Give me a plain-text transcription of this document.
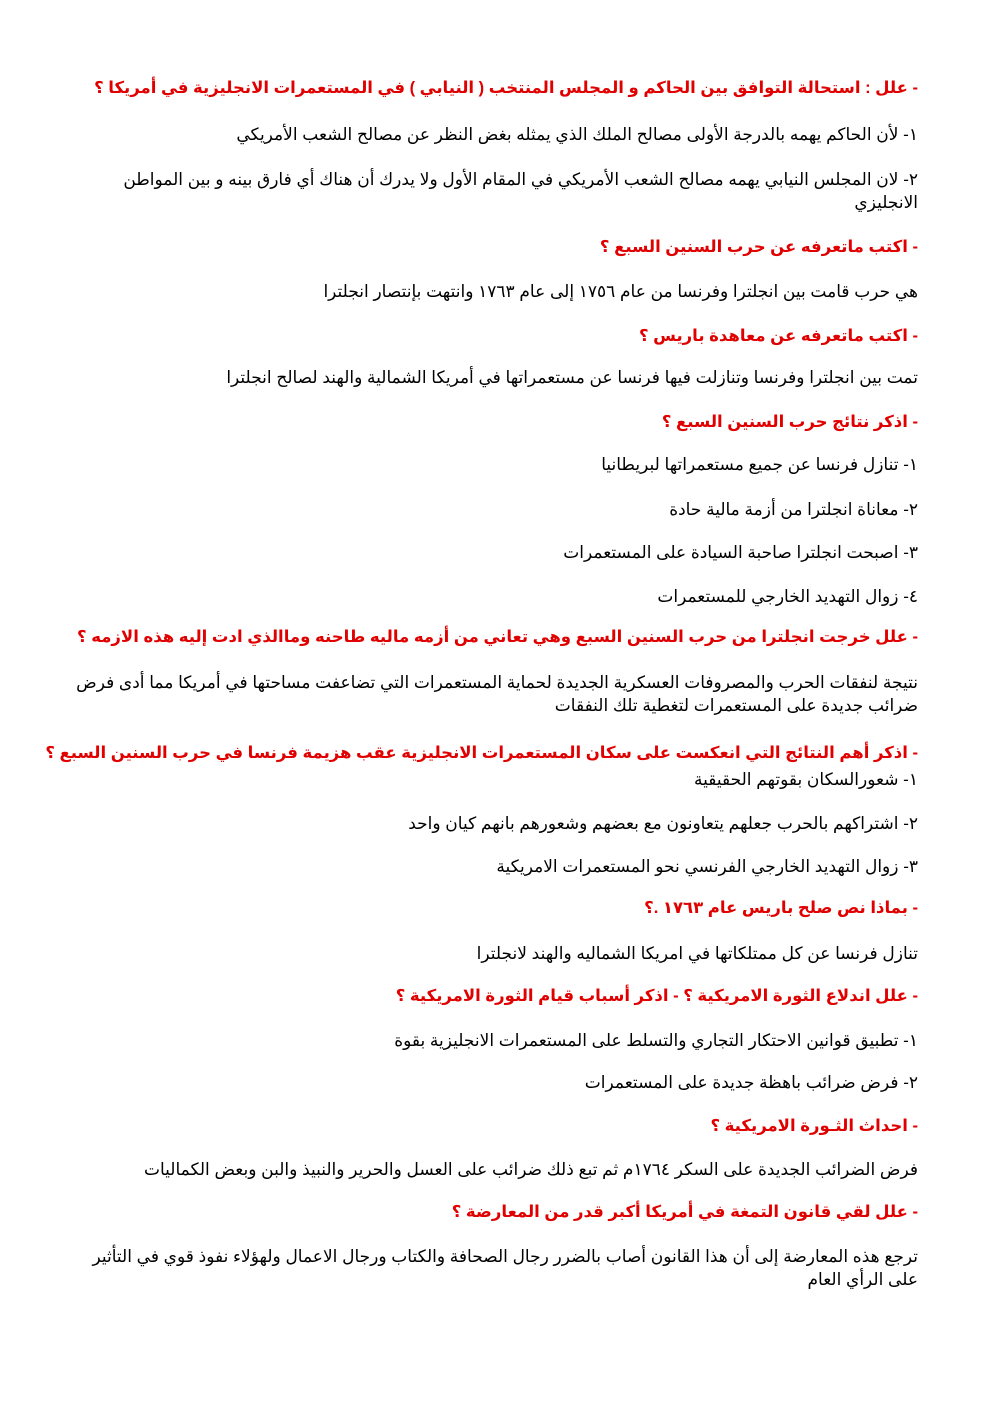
- علل : استحالة التوافق بين الحاكم و المجلس المنتخب ( النيابي ) في المستعمرات الانجليزية في أمريكا ؟

١- لأن الحاكم يهمه بالدرجة الأولى مصالح الملك الذي يمثله بغض النظر عن مصالح الشعب الأمريكي

٢- لان المجلس النيابي يهمه مصالح الشعب الأمريكي في المقام الأول ولا يدرك أن هناك أي فارق بينه و بين المواطن الانجليزي

- اكتب ماتعرفه عن حرب السنين السبع ؟

هي حرب قامت بين انجلترا وفرنسا من عام ١٧٥٦ إلى عام ١٧٦٣ وانتهت بإنتصار انجلترا

- اكتب ماتعرفه عن معاهدة باريس ؟

تمت بين انجلترا وفرنسا وتنازلت فيها فرنسا عن مستعمراتها في أمريكا الشمالية والهند لصالح انجلترا

- اذكر نتائج حرب السنين السبع ؟

١- تنازل فرنسا عن جميع مستعمراتها لبريطانيا

٢- معاناة انجلترا من أزمة مالية حادة

٣- اصبحت انجلترا صاحبة السيادة على المستعمرات

٤- زوال التهديد الخارجي للمستعمرات

- علل خرجت انجلترا من حرب السنين السبع وهي تعاني من أزمه ماليه طاحنه وماالذي ادت إليه هذه الازمه ؟

نتيجة لنفقات الحرب والمصروفات العسكرية الجديدة لحماية المستعمرات التي تضاعفت مساحتها في أمريكا مما أدى فرض ضرائب جديدة على المستعمرات لتغطية تلك النفقات

- اذكر أهم النتائج التي انعكست على سكان المستعمرات الانجليزية عقب هزيمة فرنسا في حرب السنين السبع ؟

١- شعورالسكان بقوتهم الحقيقية

٢- اشتراكهم بالحرب جعلهم يتعاونون مع بعضهم وشعورهم بانهم كيان واحد

٣- زوال التهديد الخارجي الفرنسي نحو المستعمرات الامريكية

- بماذا نص صلح باريس عام ١٧٦٣ .؟

تنازل فرنسا عن كل ممتلكاتها في امريكا الشماليه والهند لانجلترا

- علل اندلاع الثورة الامريكية ؟ - اذكر أسباب قيام الثورة الامريكية ؟

١- تطبيق قوانين الاحتكار التجاري والتسلط على المستعمرات الانجليزية بقوة

٢- فرض ضرائب باهظة جديدة على المستعمرات

- احداث الثـورة الامريكية ؟

فرض الضرائب الجديدة على السكر ١٧٦٤م ثم تبع ذلك ضرائب على العسل والحرير والنبيذ والبن وبعض الكماليات

- علل لقي قانون التمغة في أمريكا أكبر قدر من المعارضة ؟

ترجع هذه المعارضة إلى أن هذا القانون أصاب بالضرر رجال الصحافة والكتاب ورجال الاعمال ولهؤلاء نفوذ قوي في التأثير على الرأي العام
